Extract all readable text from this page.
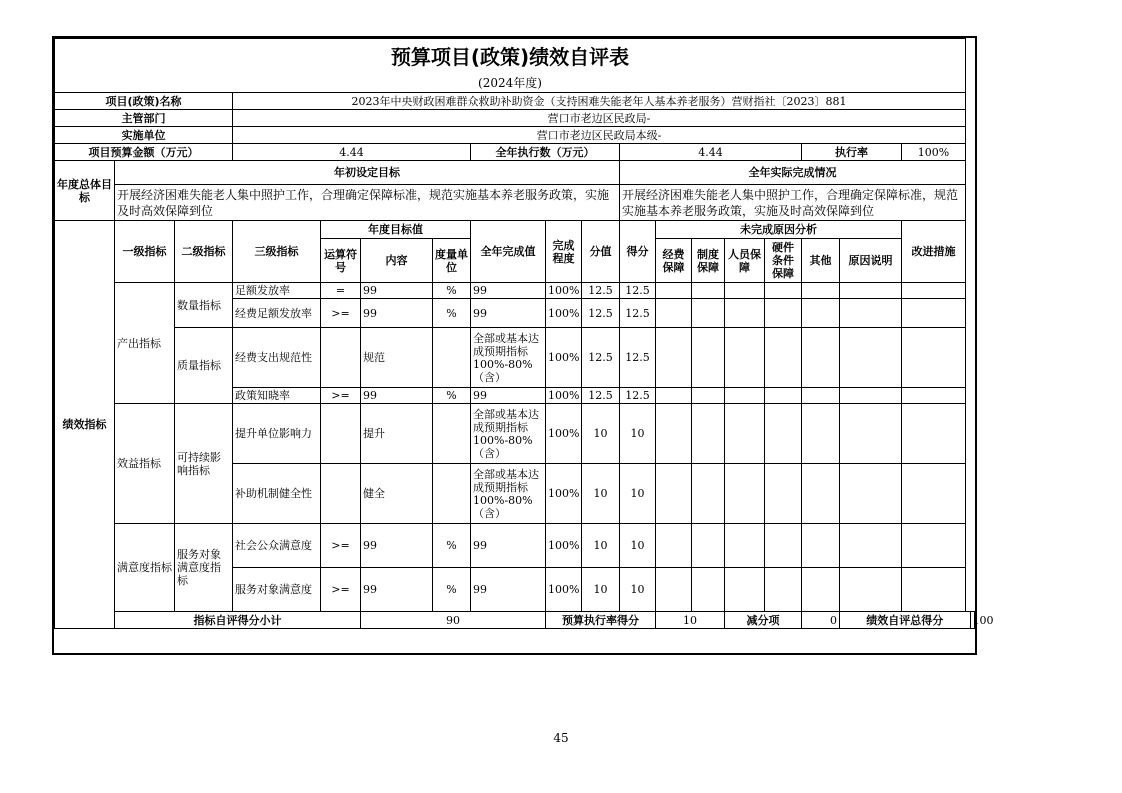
预算项目(政策)绩效自评表																		
(2024年度)																		
项目(政策)名称			2023年中央财政困难群众救助补助资金（支持困难失能老年人基本养老服务）营财指社〔2023〕881															
主管部门			营口市老边区民政局-															
实施单位			营口市老边区民政局本级-															
项目预算金额（万元）			4.44				全年执行数（万元）			4.44					执行率		100%	
年度总体目标	年初设定目标									全年实际完成情况								
	开展经济困难失能老人集中照护工作，合理确定保障标准，规范实施基本养老服务政策，实施及时高效保障到位									开展经济困难失能老人集中照护工作，合理确定保障标准，规范实施基本养老服务政策，实施及时高效保障到位								
绩效指标	一级指标	二级指标	三级指标	年度目标值			全年完成值	完成程度	分值	得分	未完成原因分析						改进措施	
				运算符号	内容	度量单位					经费保障	制度保障	人员保障	硬件条件保障	其他	原因说明		
	产出指标	数量指标	足额发放率	=	99	%	99	100%	12.5	12.5								
			经费足额发放率	>=	99	%	99	100%	12.5	12.5								
		质量指标	经费支出规范性		规范		全部或基本达成预期指标100%-80%（含）	100%	12.5	12.5								
			政策知晓率	>=	99	%	99	100%	12.5	12.5								
	效益指标	可持续影响指标	提升单位影响力		提升		全部或基本达成预期指标100%-80%（含）	100%	10	10								
			补助机制健全性		健全		全部或基本达成预期指标100%-80%（含）	100%	10	10								
	满意度指标	服务对象满意度指标	社会公众满意度	>=	99	%	99	100%	10	10								
			服务对象满意度	>=	99	%	99	100%	10	10								
	指标自评得分小计				90			预算执行率得分			10		减分项		0	绩效自评总得分		100
45
